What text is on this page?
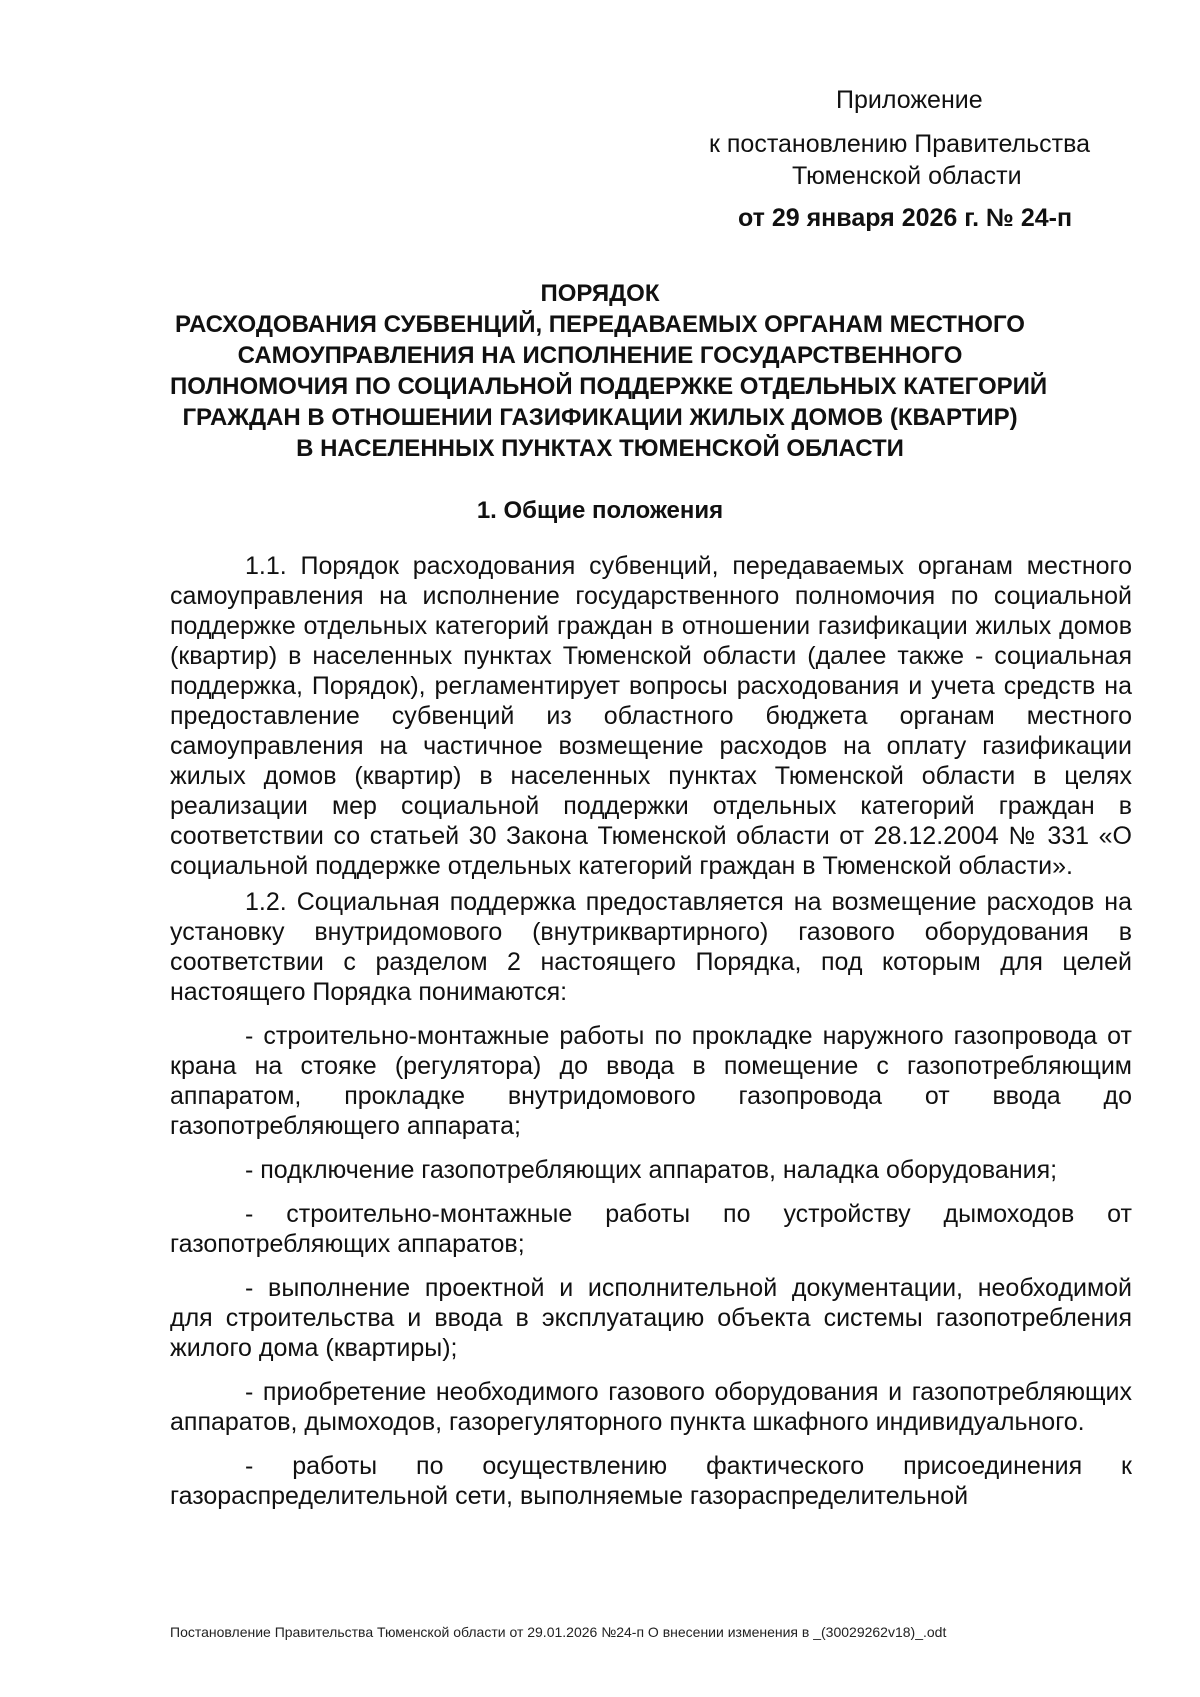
Приложение
к постановлению Правительства
Тюменской области
от 29 января 2026 г. № 24-п
ПОРЯДОК
РАСХОДОВАНИЯ СУБВЕНЦИЙ, ПЕРЕДАВАЕМЫХ ОРГАНАМ МЕСТНОГО
САМОУПРАВЛЕНИЯ НА ИСПОЛНЕНИЕ ГОСУДАРСТВЕННОГО
ПОЛНОМОЧИЯ ПО СОЦИАЛЬНОЙ ПОДДЕРЖКЕ ОТДЕЛЬНЫХ КАТЕГОРИЙ
ГРАЖДАН В ОТНОШЕНИИ ГАЗИФИКАЦИИ ЖИЛЫХ ДОМОВ (КВАРТИР)
В НАСЕЛЕННЫХ ПУНКТАХ ТЮМЕНСКОЙ ОБЛАСТИ
1. Общие положения

1.1. Порядок расходования субвенций, передаваемых органам местного самоуправления на исполнение государственного полномочия по социальной поддержке отдельных категорий граждан в отношении газификации жилых домов (квартир) в населенных пунктах Тюменской области (далее также - социальная поддержка, Порядок), регламентирует вопросы расходования и учета средств на предоставление субвенций из областного бюджета органам местного самоуправления на частичное возмещение расходов на оплату газификации жилых домов (квартир) в населенных пунктах Тюменской области в целях реализации мер социальной поддержки отдельных категорий граждан в соответствии со статьей 30 Закона Тюменской области от 28.12.2004 № 331 «О социальной поддержке отдельных категорий граждан в Тюменской области».

1.2. Социальная поддержка предоставляется на возмещение расходов на установку внутридомового (внутриквартирного) газового оборудования в соответствии с разделом 2 настоящего Порядка, под которым для целей настоящего Порядка понимаются:

- строительно-монтажные работы по прокладке наружного газопровода от крана на стояке (регулятора) до ввода в помещение с газопотребляющим аппаратом, прокладке внутридомового газопровода от ввода до газопотребляющего аппарата;

- подключение газопотребляющих аппаратов, наладка оборудования;

- строительно-монтажные работы по устройству дымоходов от газопотребляющих аппаратов;

- выполнение проектной и исполнительной документации, необходимой для строительства и ввода в эксплуатацию объекта системы газопотребления жилого дома (квартиры);

- приобретение необходимого газового оборудования и газопотребляющих аппаратов, дымоходов, газорегуляторного пункта шкафного индивидуального.

- работы по осуществлению фактического присоединения к газораспределительной сети, выполняемые газораспределительной

Постановление Правительства Тюменской области от 29.01.2026 №24-п О внесении изменения в _(30029262v18)_.odt
